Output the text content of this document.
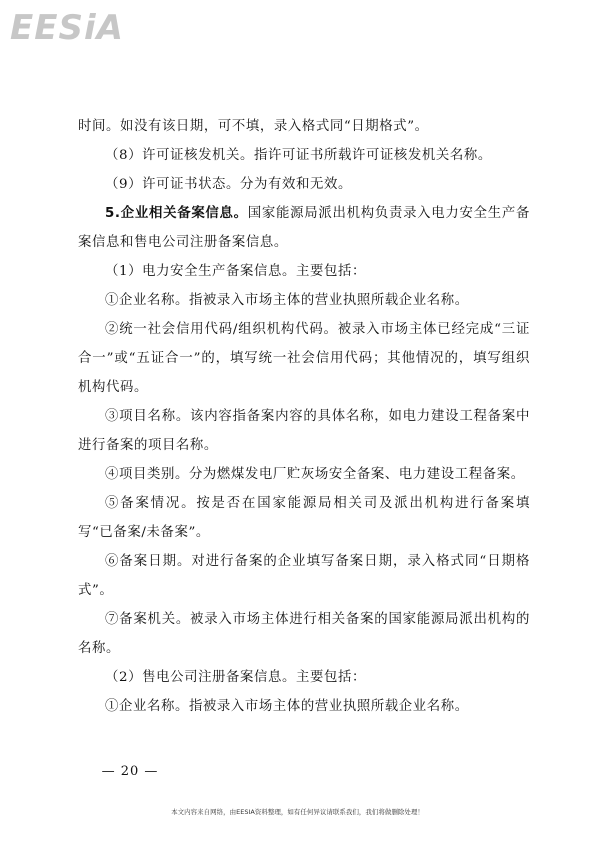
EESiA

时间。如没有该日期，可不填，录入格式同“日期格式”。

（8）许可证核发机关。指许可证书所载许可证核发机关名称。

（9）许可证书状态。分为有效和无效。

5.企业相关备案信息。国家能源局派出机构负责录入电力安全生产备案信息和售电公司注册备案信息。

（1）电力安全生产备案信息。主要包括：

①企业名称。指被录入市场主体的营业执照所载企业名称。

②统一社会信用代码/组织机构代码。被录入市场主体已经完成“三证合一”或“五证合一”的，填写统一社会信用代码；其他情况的，填写组织机构代码。

③项目名称。该内容指备案内容的具体名称，如电力建设工程备案中进行备案的项目名称。

④项目类别。分为燃煤发电厂贮灰场安全备案、电力建设工程备案。

⑤备案情况。按是否在国家能源局相关司及派出机构进行备案填写“已备案/未备案”。

⑥备案日期。对进行备案的企业填写备案日期，录入格式同“日期格式”。

⑦备案机关。被录入市场主体进行相关备案的国家能源局派出机构的名称。

（2）售电公司注册备案信息。主要包括：

①企业名称。指被录入市场主体的营业执照所载企业名称。

— 20 —
本文内容来自网络，由EESIA资料整理，如有任何异议请联系我们，我们将做删除处理！
